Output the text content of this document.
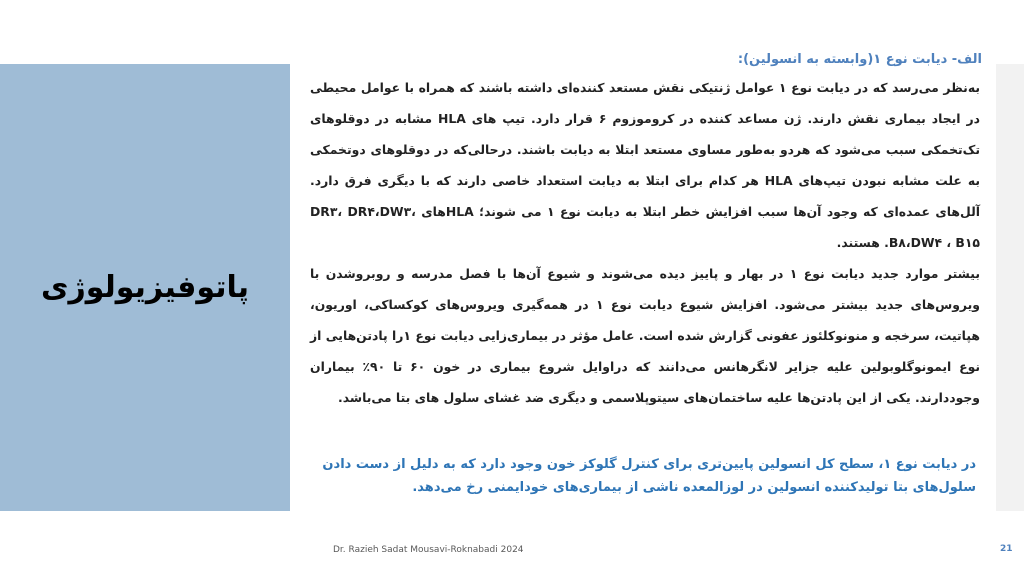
پاتوفیزیولوژی
الف- دیابت نوع ۱(وابسته به انسولین):
به‌نظر می‌رسد که در دیابت نوع ۱ عوامل ژنتیکی نقش مستعد کننده‌ای داشته باشند که همراه با عوامل محیطی در ایجاد بیماری نقش دارند. ژن مساعد کننده در کروموزوم ۶ قرار دارد. تیپ های HLA مشابه در دوقلوهای تک‌تخمکی سبب می‌شود که هردو به‌طور مساوی مستعد ابتلا به دیابت باشند. درحالی‌که در دوقلوهای دوتخمکی به علت مشابه نبودن تیپ‌های HLA هر کدام برای ابتلا به دیابت استعداد خاصی دارند که با دیگری فرق دارد. آلل‌های عمده‌ای که وجود آن‌ها سبب افزایش خطر ابتلا به دیابت نوع ۱ می شوند؛ HLAهای DR۳، DR۴،DW۳، B۸،DW۴ ، B۱۵. هستند.
بیشتر موارد جدید دیابت نوع ۱ در بهار و پاییز دیده می‌شوند و شیوع آن‌ها با فصل مدرسه و روبروشدن با ویروس‌های جدید بیشتر می‌شود. افزایش شیوع دیابت نوع ۱ در همه‌گیری ویروس‌های کوکساکی، اوریون، هپاتیت، سرخجه و منونوکلئوز عفونی گزارش شده است. عامل مؤثر در بیماری‌زایی دیابت نوع ۱را پادتن‌هایی از نوع ایمونوگلوبولین علیه جزایر لانگرهانس می‌دانند که دراوایل شروع بیماری در خون ۶۰ تا ۹۰٪ بیماران وجوددارند. یکی از این پادتن‌ها علیه ساختمان‌های سیتوپلاسمی و دیگری ضد غشای سلول های بتا می‌باشد.
در دیابت نوع ۱، سطح کل انسولین پایین‌تری برای کنترل گلوکز خون وجود دارد که به دلیل از دست دادن
سلول‌های بتا تولیدکننده انسولین در لوزالمعده ناشی از بیماری‌های خودایمنی رخ می‌دهد.
Dr. Razieh Sadat Mousavi-Roknabadi 2024	21
